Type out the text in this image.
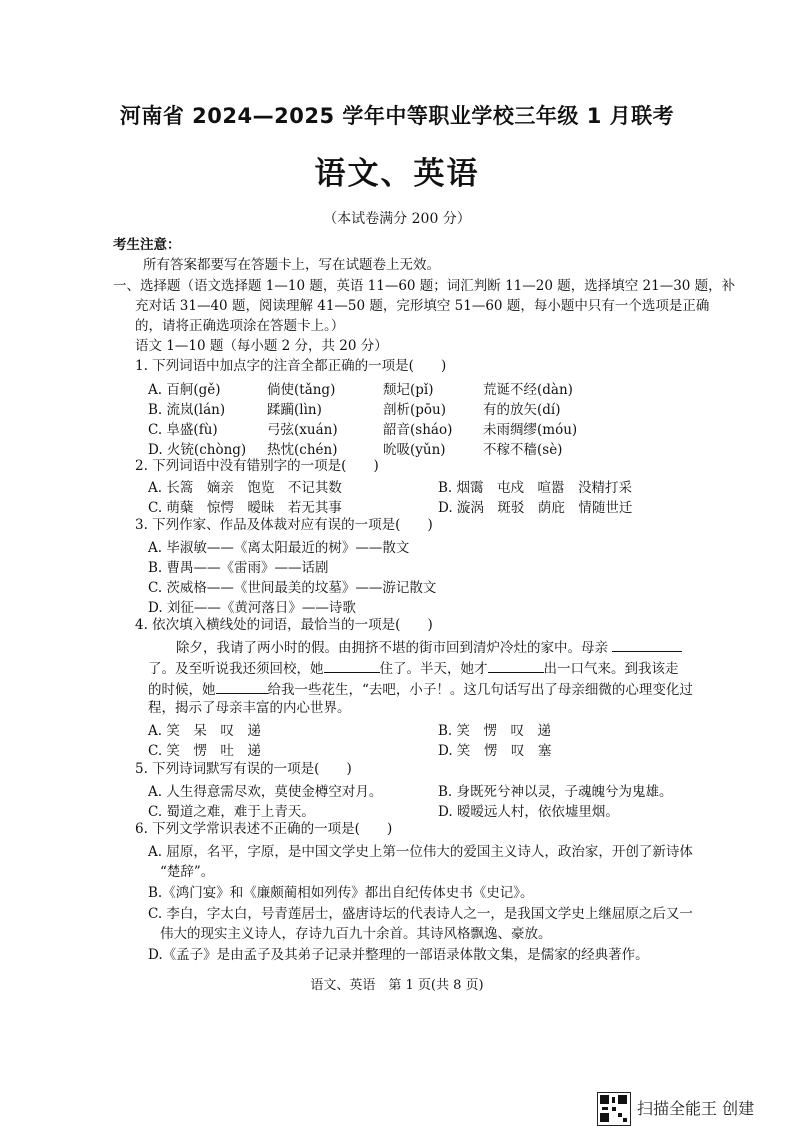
河南省 2024—2025 学年中等职业学校三年级 1 月联考
语文、英语
（本试卷满分 200 分）
考生注意：
所有答案都要写在答题卡上，写在试题卷上无效。
一、选择题（语文选择题 1—10 题，英语 11—60 题；词汇判断 11—20 题，选择填空 21—30 题，补
充对话 31—40 题，阅读理解 41—50 题，完形填空 51—60 题，每小题中只有一个选项是正确
的，请将正确选项涂在答题卡上。）
语文 1—10 题（每小题 2 分，共 20 分）
1. 下列词语中加点字的注音全都正确的一项是(　　)
A. 百舸(gě)	倘使(tǎng)	颓圮(pǐ)	荒诞不经(dàn)
B. 流岚(lán)	蹂躏(lìn)	剖析(pōu)	有的放矢(dí)
C. 阜盛(fù)	弓弦(xuán)	韶音(sháo) 未雨绸缪(móu)
D. 火铳(chòng) 热忱(chén)	吮吸(yǔn)	不稼不穑(sè)
2. 下列词语中没有错别字的一项是(　　)
A. 长篙　嫡亲　饱览　不记其数	B. 烟霭　屯戍　喧嚣　没精打采
C. 萌蘖　惊愕　暧昧　若无其事	D. 漩涡　斑驳　荫庇　情随世迁
3. 下列作家、作品及体裁对应有误的一项是(　　)
A. 毕淑敏——《离太阳最近的树》——散文
B. 曹禺——《雷雨》——话剧
C. 茨威格——《世间最美的坟墓》——游记散文
D. 刘征——《黄河落日》——诗歌
4. 依次填入横线处的词语，最恰当的一项是(　　)
除夕，我请了两小时的假。由拥挤不堪的街市回到清炉冷灶的家中。母亲
了。及至听说我还须回校，她	住了。半天，她才	出一口气来。到我该走
的时候，她	给我一些花生，“去吧，小子！。这几句话写出了母亲细微的心理变化过
程，揭示了母亲丰富的内心世界。
A. 笑　呆　叹　递	B. 笑　愣　叹　递
C. 笑　愣　吐　递	D. 笑　愣　叹　塞
5. 下列诗词默写有误的一项是(　　)
A. 人生得意需尽欢，莫使金樽空对月。	B. 身既死兮神以灵，子魂魄兮为鬼雄。
C. 蜀道之难，难于上青天。	D. 暧暧远人村，依依墟里烟。
6. 下列文学常识表述不正确的一项是(　　)
A. 屈原，名平，字原，是中国文学史上第一位伟大的爱国主义诗人，政治家，开创了新诗体
“楚辞”。
B.《鸿门宴》和《廉颇蔺相如列传》都出自纪传体史书《史记》。
C. 李白，字太白，号青莲居士，盛唐诗坛的代表诗人之一，是我国文学史上继屈原之后又一
伟大的现实主义诗人，存诗九百九十余首。其诗风格飘逸、豪放。
D.《孟子》是由孟子及其弟子记录并整理的一部语录体散文集，是儒家的经典著作。
语文、英语　第 1 页(共 8 页)
扫描全能王 创建
